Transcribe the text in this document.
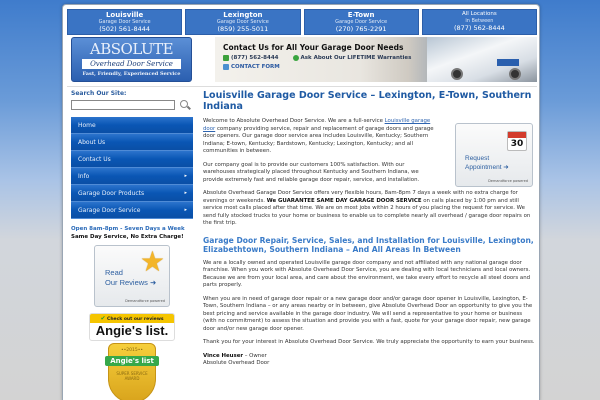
Louisville
Garage Door Service
(502) 561-8444
Lexington
Garage Door Service
(859) 255-5011
E-Town
Garage Door Service
(270) 765-2291
All Locations
in Between
(877) 562-8444
ABSOLUTE
Overhead Door Service
Fast, Friendly, Experienced Service
Contact Us for All Your Garage Door Needs
(877) 562-8444	Ask About Our LIFETIME Warranties
CONTACT FORM
Search Our Site:
Home
About Us
Contact Us
Info	▸
Garage Door Products	▸
Garage Door Service	▸
Open 8am-8pm - Seven Days a Week
Same Day Service, No Extra Charge!
★
Read
Our Reviews ➜
Demandforce powered
✔ Check out our reviews
Angie's list.
••2015••
Angie's list
SUPER SERVICE AWARD
Louisville Garage Door Service – Lexington, E-Town, Southern Indiana

Welcome to Absolute Overhead Door Service. We are a full-service Louisville garage door company providing service, repair and replacement of garage doors and garage door openers. Our garage door service area includes Louisville, Kentucky; Southern Indiana; E-town, Kentucky; Bardstown, Kentucky; Lexington, Kentucky; and all communities in between.

Our company goal is to provide our customers 100% satisfaction. With our warehouses strategically placed throughout Kentucky and Southern Indiana, we provide extremely fast and reliable garage door repair, service, and installation.

Absolute Overhead Garage Door Service offers very flexible hours, 8am-8pm 7 days a week with no extra charge for evenings or weekends. We GUARANTEE SAME DAY GARAGE DOOR SERVICE on calls placed by 1:00 pm and still service most calls placed after that time. We are on most jobs within 2 hours of you placing the request for service. We send fully stocked trucks to your home or business to enable us to complete nearly all overhead / garage door repairs on the first trip.

30
Request
Appointment ➜
Demandforce powered
Garage Door Repair, Service, Sales, and Installation for Louisville, Lexington, Elizabethtown, Southern Indiana – And All Areas In Between

We are a locally owned and operated Louisville garage door company and not affiliated with any national garage door franchise. When you work with Absolute Overhead Door Service, you are dealing with local technicians and local owners. Because we are from your local area, and care about the environment, we take every effort to recycle all steel doors and parts properly.

When you are in need of garage door repair or a new garage door and/or garage door opener in Louisville, Lexington, E-Town, Southern Indiana – or any areas nearby or in between, give Absolute Overhead Door an opportunity to give you the best pricing and service available in the garage door industry. We will send a representative to your home or business (with no commitment) to assess the situation and provide you with a fast, quote for your garage door repair, new garage door and/or new garage door opener.

Thank you for your interest in Absolute Overhead Door Service. We truly appreciate the opportunity to earn your business.

Vince Heuser – Owner
Absolute Overhead Door
